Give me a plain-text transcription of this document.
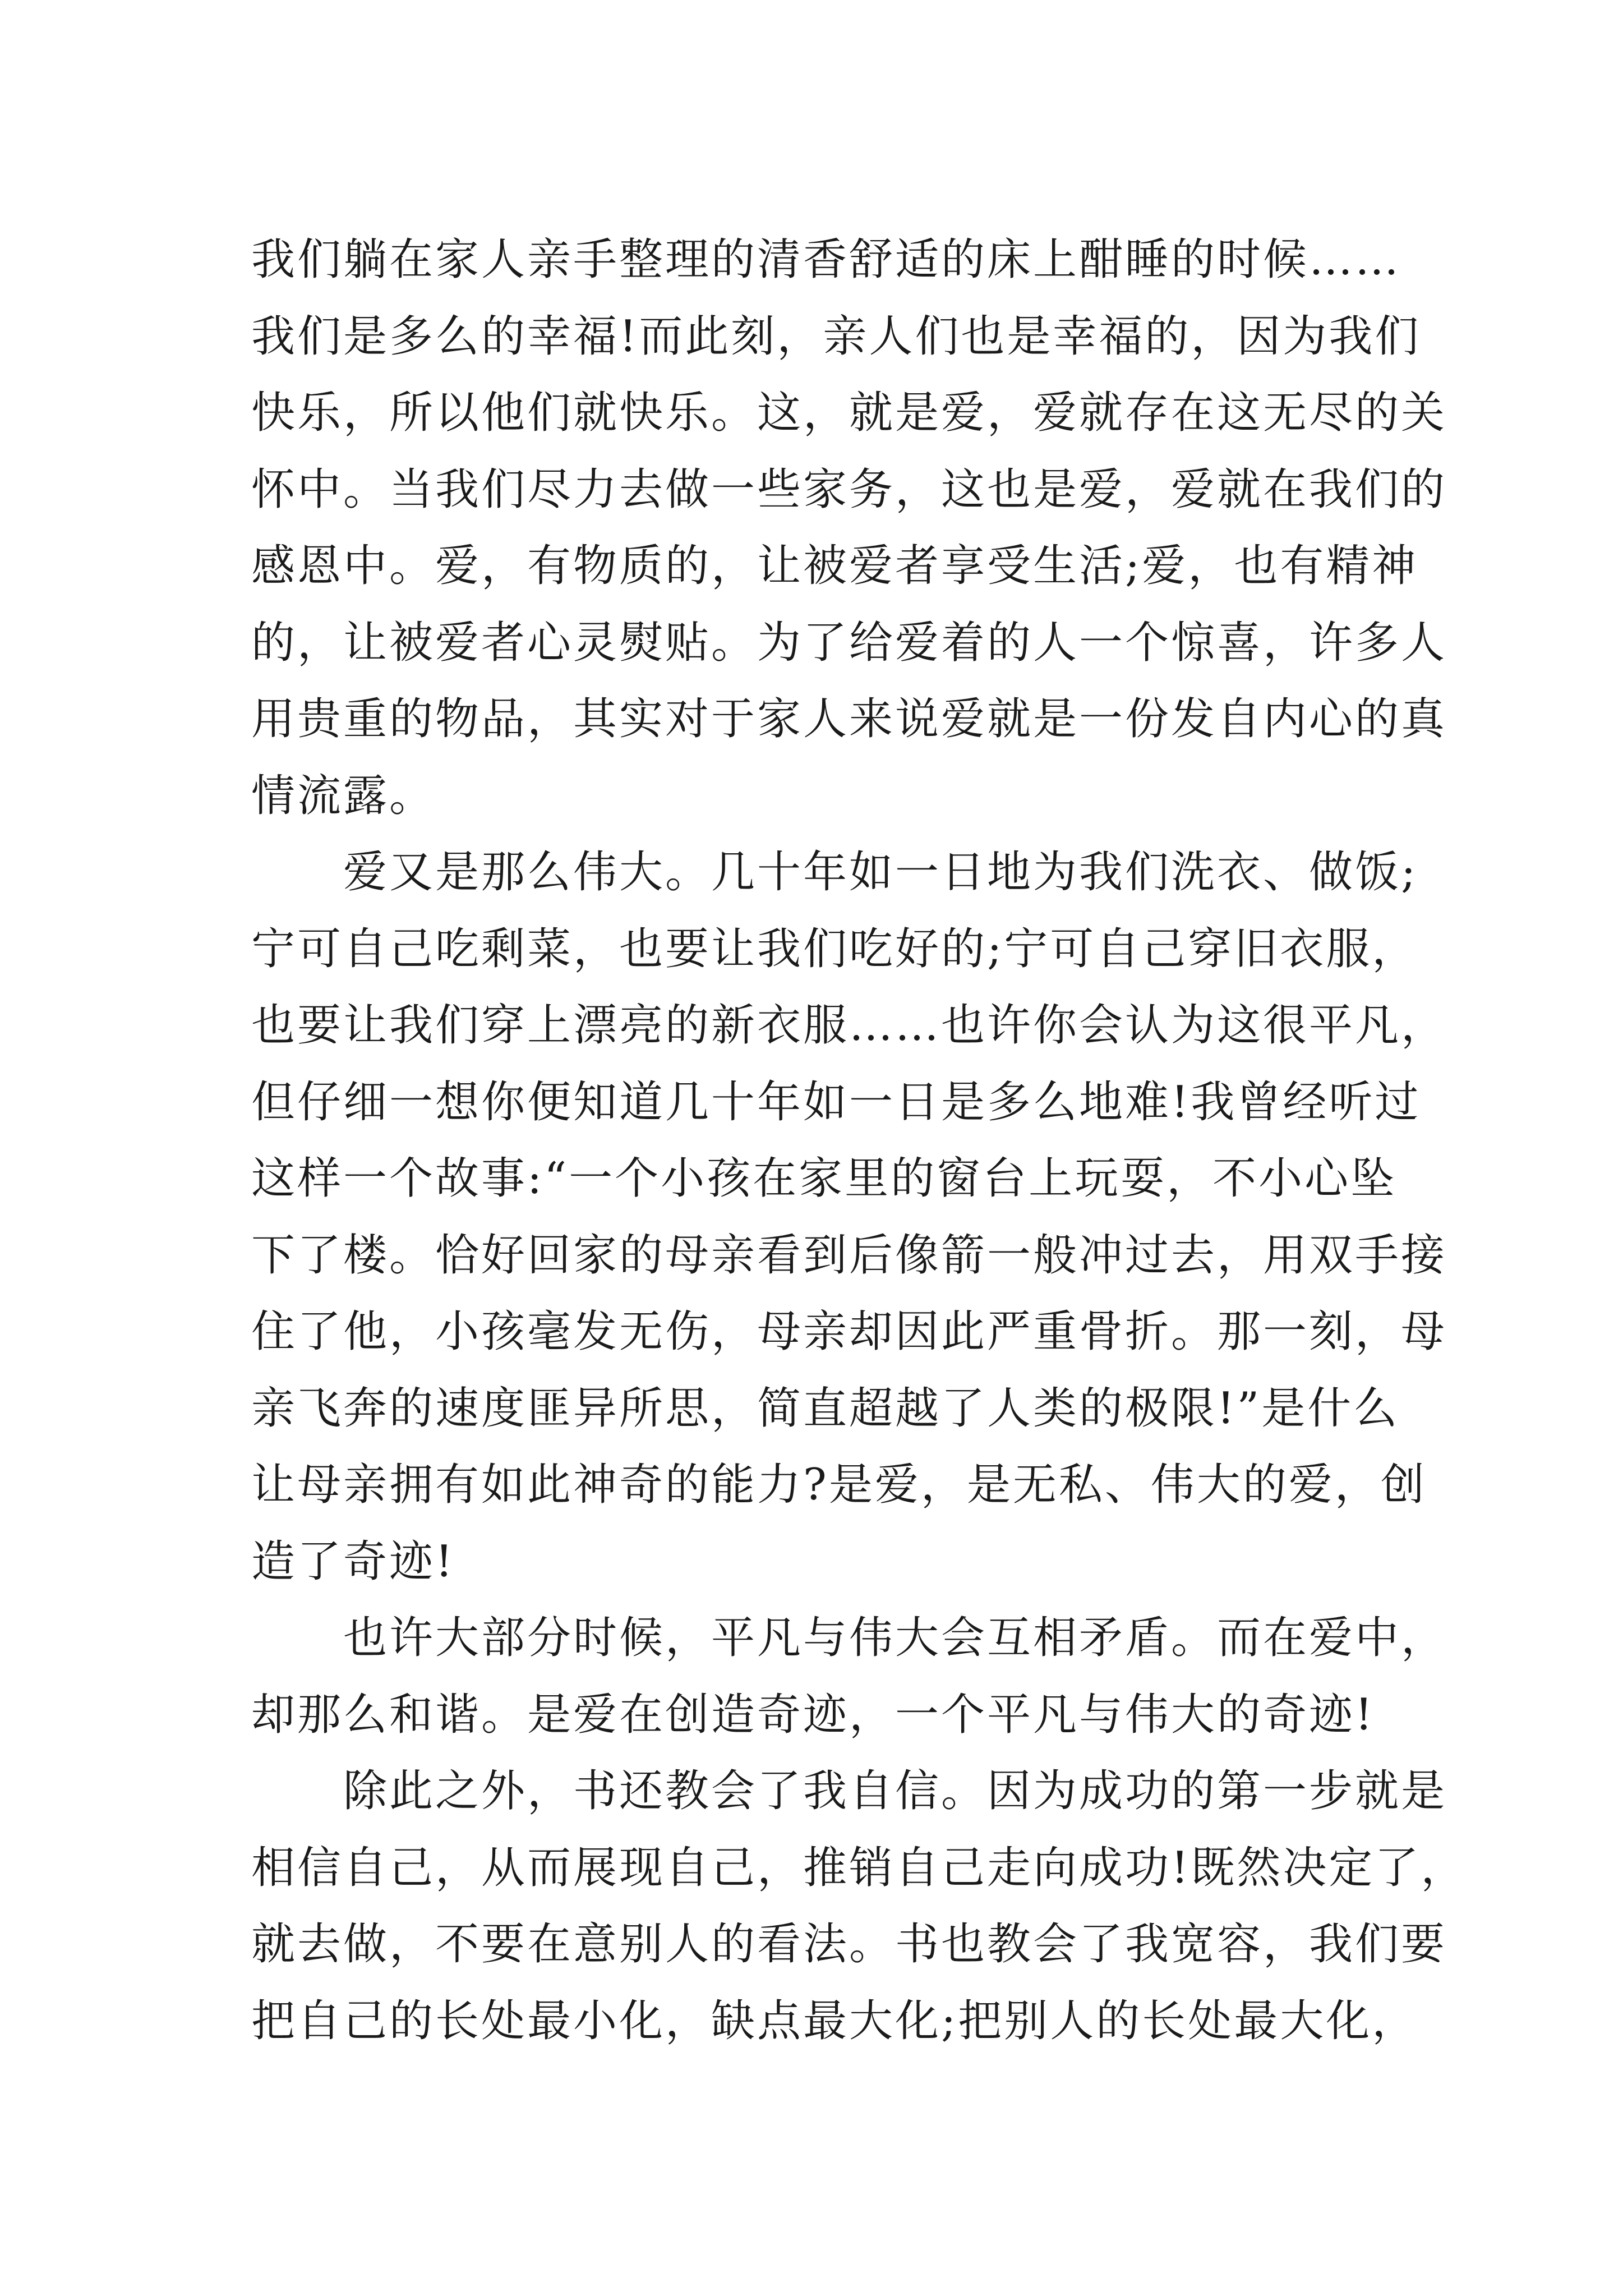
我们躺在家人亲手整理的清香舒适的床上酣睡的时候……
我们是多么的幸福!而此刻，亲人们也是幸福的，因为我们
快乐，所以他们就快乐。这，就是爱，爱就存在这无尽的关
怀中。当我们尽力去做一些家务，这也是爱，爱就在我们的
感恩中。爱，有物质的，让被爱者享受生活;爱，也有精神
的，让被爱者心灵熨贴。为了给爱着的人一个惊喜，许多人
用贵重的物品，其实对于家人来说爱就是一份发自内心的真
情流露。
　　爱又是那么伟大。几十年如一日地为我们洗衣、做饭;
宁可自己吃剩菜，也要让我们吃好的;宁可自己穿旧衣服，
也要让我们穿上漂亮的新衣服……也许你会认为这很平凡，
但仔细一想你便知道几十年如一日是多么地难!我曾经听过
这样一个故事:“一个小孩在家里的窗台上玩耍，不小心坠
下了楼。恰好回家的母亲看到后像箭一般冲过去，用双手接
住了他，小孩毫发无伤，母亲却因此严重骨折。那一刻，母
亲飞奔的速度匪异所思，简直超越了人类的极限!”是什么
让母亲拥有如此神奇的能力?是爱，是无私、伟大的爱，创
造了奇迹!
　　也许大部分时候，平凡与伟大会互相矛盾。而在爱中，
却那么和谐。是爱在创造奇迹，一个平凡与伟大的奇迹!
　　除此之外，书还教会了我自信。因为成功的第一步就是
相信自己，从而展现自己，推销自己走向成功!既然决定了，
就去做，不要在意别人的看法。书也教会了我宽容，我们要
把自己的长处最小化，缺点最大化;把别人的长处最大化，
